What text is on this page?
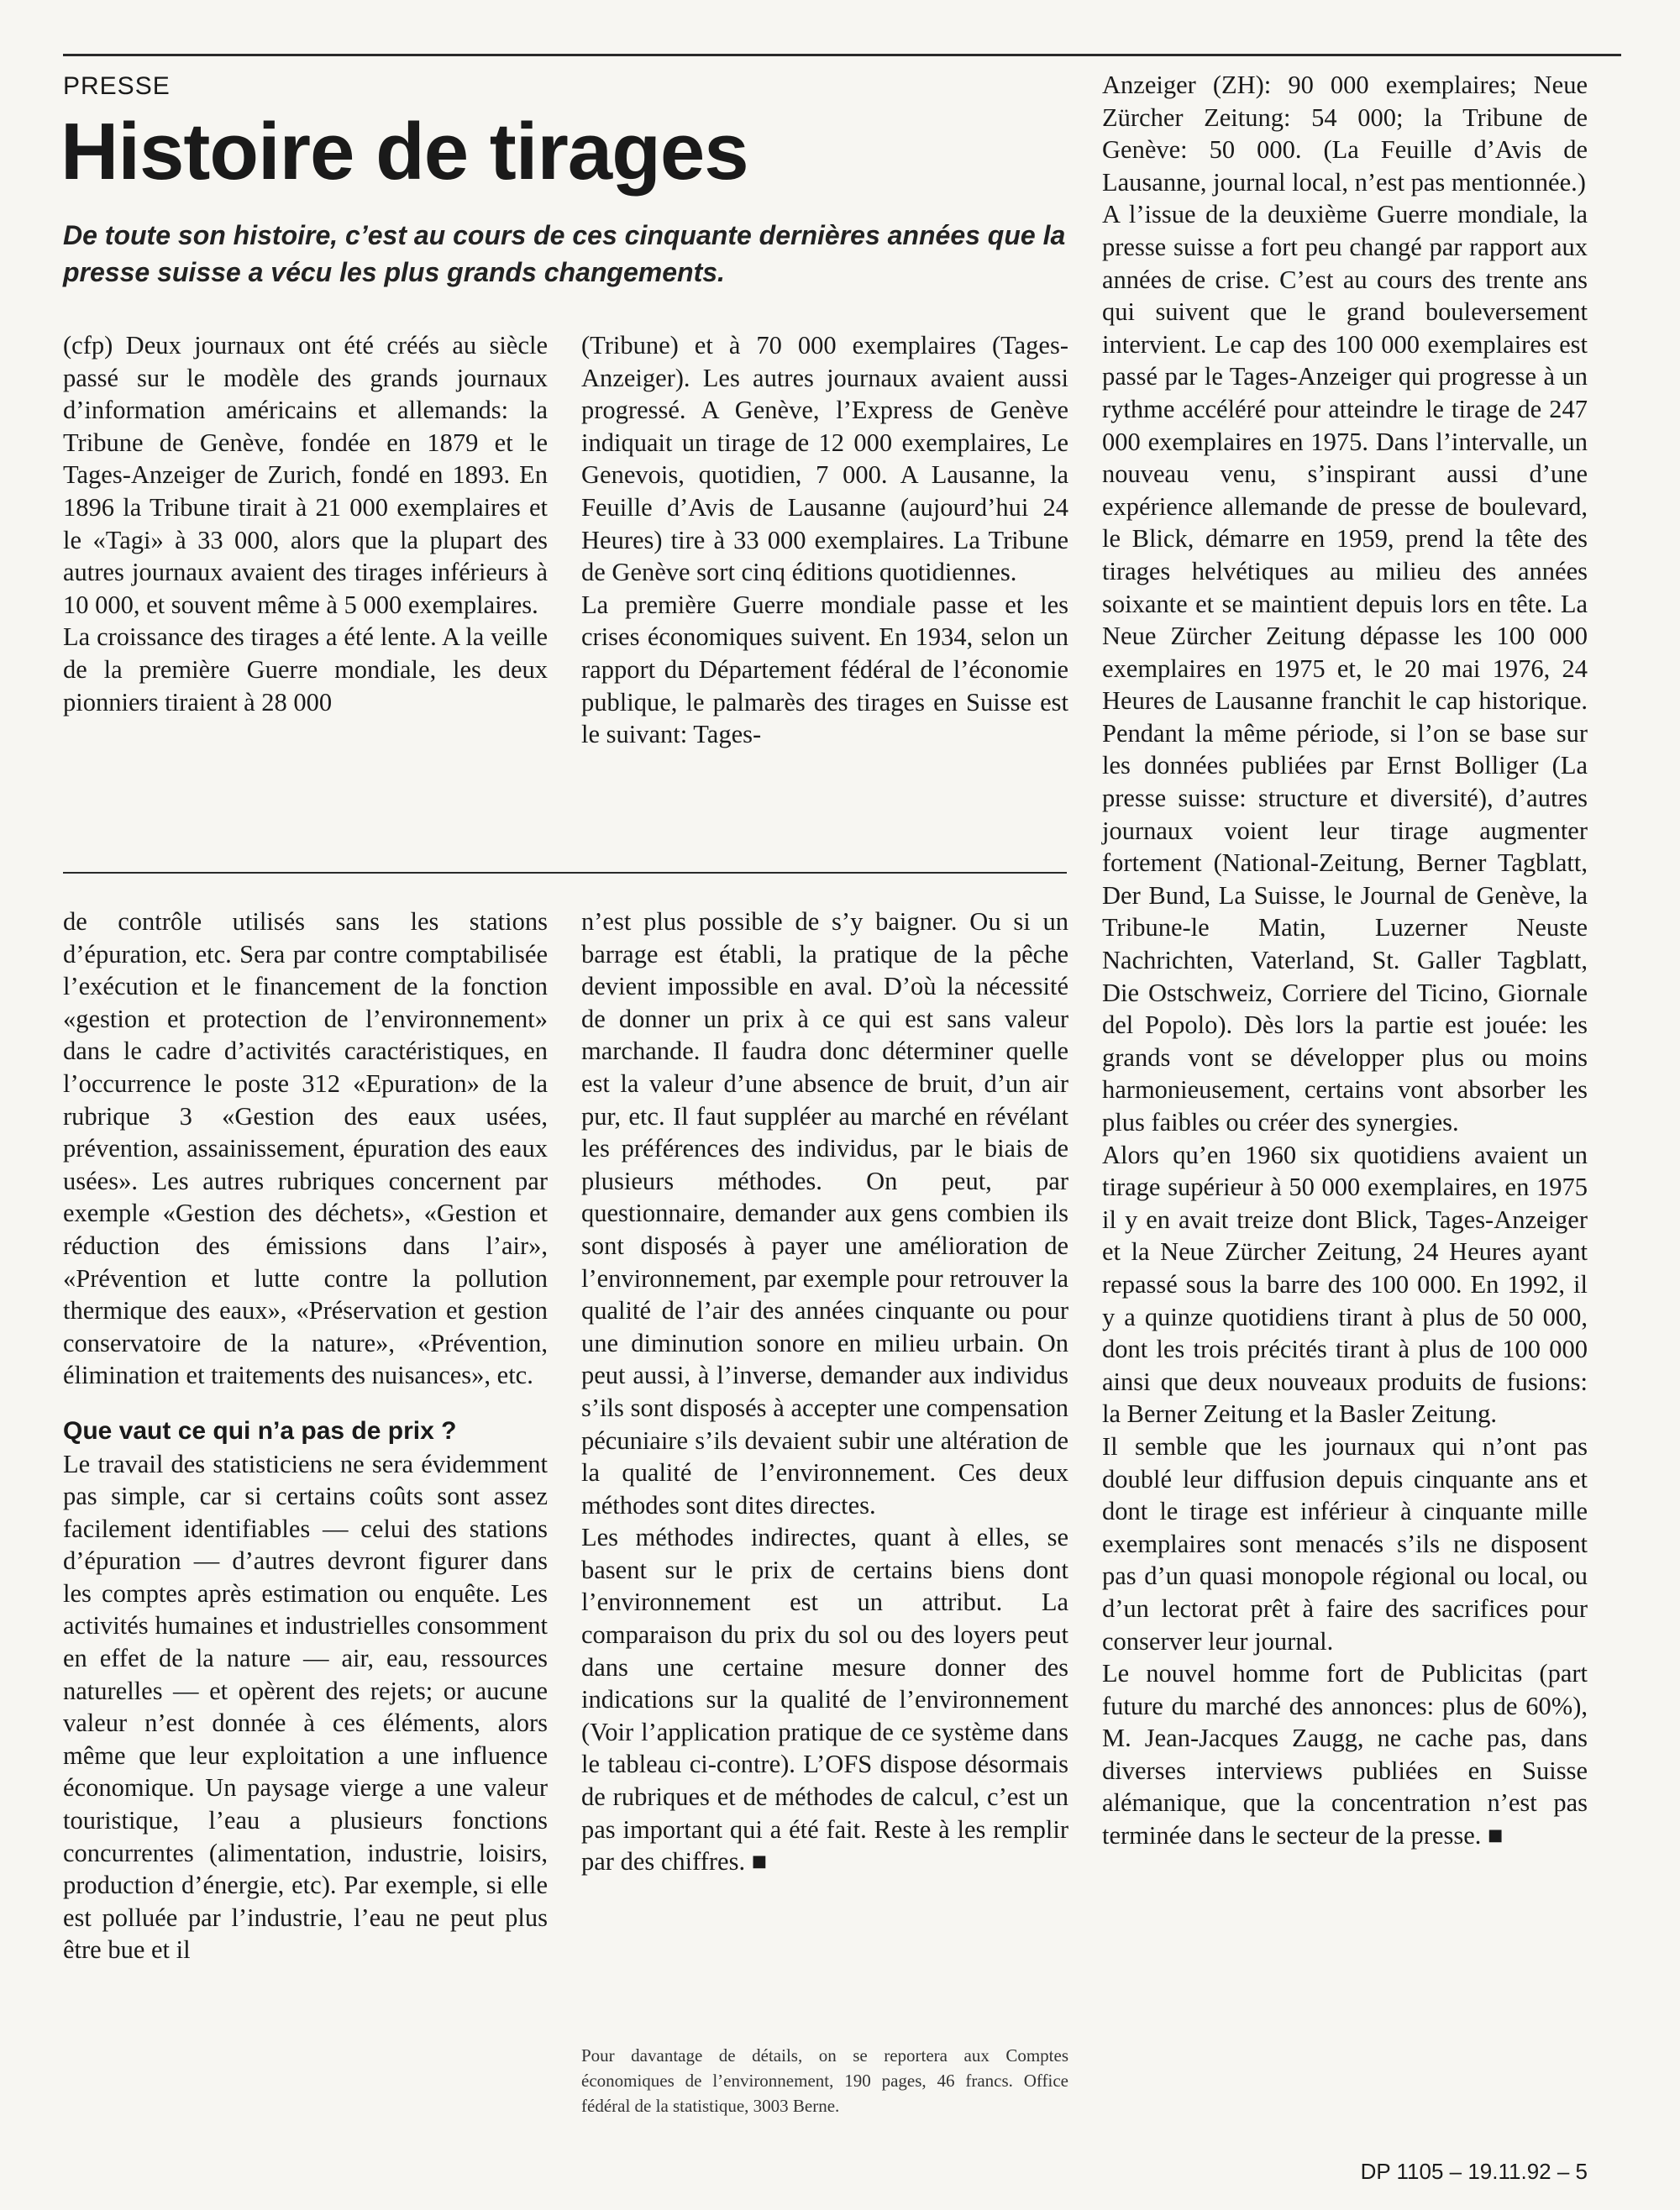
PRESSE
Histoire de tirages

De toute son histoire, c’est au cours de ces cinquante dernières années que la presse suisse a vécu les plus grands changements.

(cfp) Deux journaux ont été créés au siècle passé sur le modèle des grands journaux d’information américains et allemands: la Tribune de Genève, fondée en 1879 et le Tages-Anzeiger de Zurich, fondé en 1893. En 1896 la Tribune tirait à 21 000 exemplaires et le «Tagi» à 33 000, alors que la plupart des autres journaux avaient des tirages inférieurs à 10 000, et souvent même à 5 000 exemplaires.

La croissance des tirages a été lente. A la veille de la première Guerre mondiale, les deux pionniers tiraient à 28 000

(Tribune) et à 70 000 exemplaires (Tages-Anzeiger). Les autres journaux avaient aussi progressé. A Genève, l’Express de Genève indiquait un tirage de 12 000 exemplaires, Le Genevois, quotidien, 7 000. A Lausanne, la Feuille d’Avis de Lausanne (aujourd’hui 24 Heures) tire à 33 000 exemplaires. La Tribune de Genève sort cinq éditions quotidiennes.

La première Guerre mondiale passe et les crises économiques suivent. En 1934, selon un rapport du Département fédéral de l’économie publique, le palmarès des tirages en Suisse est le suivant: Tages-

Anzeiger (ZH): 90 000 exemplaires; Neue Zürcher Zeitung: 54 000; la Tribune de Genève: 50 000. (La Feuille d’Avis de Lausanne, journal local, n’est pas mentionnée.)

A l’issue de la deuxième Guerre mondiale, la presse suisse a fort peu changé par rapport aux années de crise. C’est au cours des trente ans qui suivent que le grand bouleversement intervient. Le cap des 100 000 exemplaires est passé par le Tages-Anzeiger qui progresse à un rythme accéléré pour atteindre le tirage de 247 000 exemplaires en 1975. Dans l’intervalle, un nouveau venu, s’inspirant aussi d’une expérience allemande de presse de boulevard, le Blick, démarre en 1959, prend la tête des tirages helvétiques au milieu des années soixante et se maintient depuis lors en tête. La Neue Zürcher Zeitung dépasse les 100 000 exemplaires en 1975 et, le 20 mai 1976, 24 Heures de Lausanne franchit le cap historique. Pendant la même période, si l’on se base sur les données publiées par Ernst Bolliger (La presse suisse: structure et diversité), d’autres journaux voient leur tirage augmenter fortement (National-Zeitung, Berner Tagblatt, Der Bund, La Suisse, le Journal de Genève, la Tribune-le Matin, Luzerner Neuste Nachrichten, Vaterland, St. Galler Tagblatt, Die Ostschweiz, Corriere del Ticino, Giornale del Popolo). Dès lors la partie est jouée: les grands vont se développer plus ou moins harmonieusement, certains vont absorber les plus faibles ou créer des synergies.

Alors qu’en 1960 six quotidiens avaient un tirage supérieur à 50 000 exemplaires, en 1975 il y en avait treize dont Blick, Tages-Anzeiger et la Neue Zürcher Zeitung, 24 Heures ayant repassé sous la barre des 100 000. En 1992, il y a quinze quotidiens tirant à plus de 50 000, dont les trois précités tirant à plus de 100 000 ainsi que deux nouveaux produits de fusions: la Berner Zeitung et la Basler Zeitung.

Il semble que les journaux qui n’ont pas doublé leur diffusion depuis cinquante ans et dont le tirage est inférieur à cinquante mille exemplaires sont menacés s’ils ne disposent pas d’un quasi monopole régional ou local, ou d’un lectorat prêt à faire des sacrifices pour conserver leur journal.

Le nouvel homme fort de Publicitas (part future du marché des annonces: plus de 60%), M. Jean-Jacques Zaugg, ne cache pas, dans diverses interviews publiées en Suisse alémanique, que la concentration n’est pas terminée dans le secteur de la presse. ■

de contrôle utilisés sans les stations d’épuration, etc. Sera par contre comptabilisée l’exécution et le financement de la fonction «gestion et protection de l’environnement» dans le cadre d’activités caractéristiques, en l’occurrence le poste 312 «Epuration» de la rubrique 3 «Gestion des eaux usées, prévention, assainissement, épuration des eaux usées». Les autres rubriques concernent par exemple «Gestion des déchets», «Gestion et réduction des émissions dans l’air», «Prévention et lutte contre la pollution thermique des eaux», «Préservation et gestion conservatoire de la nature», «Prévention, élimination et traitements des nuisances», etc.

Que vaut ce qui n’a pas de prix ?

Le travail des statisticiens ne sera évidemment pas simple, car si certains coûts sont assez facilement identifiables — celui des stations d’épuration — d’autres devront figurer dans les comptes après estimation ou enquête. Les activités humaines et industrielles consomment en effet de la nature — air, eau, ressources naturelles — et opèrent des rejets; or aucune valeur n’est donnée à ces éléments, alors même que leur exploitation a une influence économique. Un paysage vierge a une valeur touristique, l’eau a plusieurs fonctions concurrentes (alimentation, industrie, loisirs, production d’énergie, etc). Par exemple, si elle est polluée par l’industrie, l’eau ne peut plus être bue et il

n’est plus possible de s’y baigner. Ou si un barrage est établi, la pratique de la pêche devient impossible en aval. D’où la nécessité de donner un prix à ce qui est sans valeur marchande. Il faudra donc déterminer quelle est la valeur d’une absence de bruit, d’un air pur, etc. Il faut suppléer au marché en révélant les préférences des individus, par le biais de plusieurs méthodes. On peut, par questionnaire, demander aux gens combien ils sont disposés à payer une amélioration de l’environnement, par exemple pour retrouver la qualité de l’air des années cinquante ou pour une diminution sonore en milieu urbain. On peut aussi, à l’inverse, demander aux individus s’ils sont disposés à accepter une compensation pécuniaire s’ils devaient subir une altération de la qualité de l’environnement. Ces deux méthodes sont dites directes.

Les méthodes indirectes, quant à elles, se basent sur le prix de certains biens dont l’environnement est un attribut. La comparaison du prix du sol ou des loyers peut dans une certaine mesure donner des indications sur la qualité de l’environnement (Voir l’application pratique de ce système dans le tableau ci-contre). L’OFS dispose désormais de rubriques et de méthodes de calcul, c’est un pas important qui a été fait. Reste à les remplir par des chiffres. ■

Pour davantage de détails, on se reportera aux Comptes économiques de l’environnement, 190 pages, 46 francs. Office fédéral de la statistique, 3003 Berne.

DP 1105 – 19.11.92 – 5
